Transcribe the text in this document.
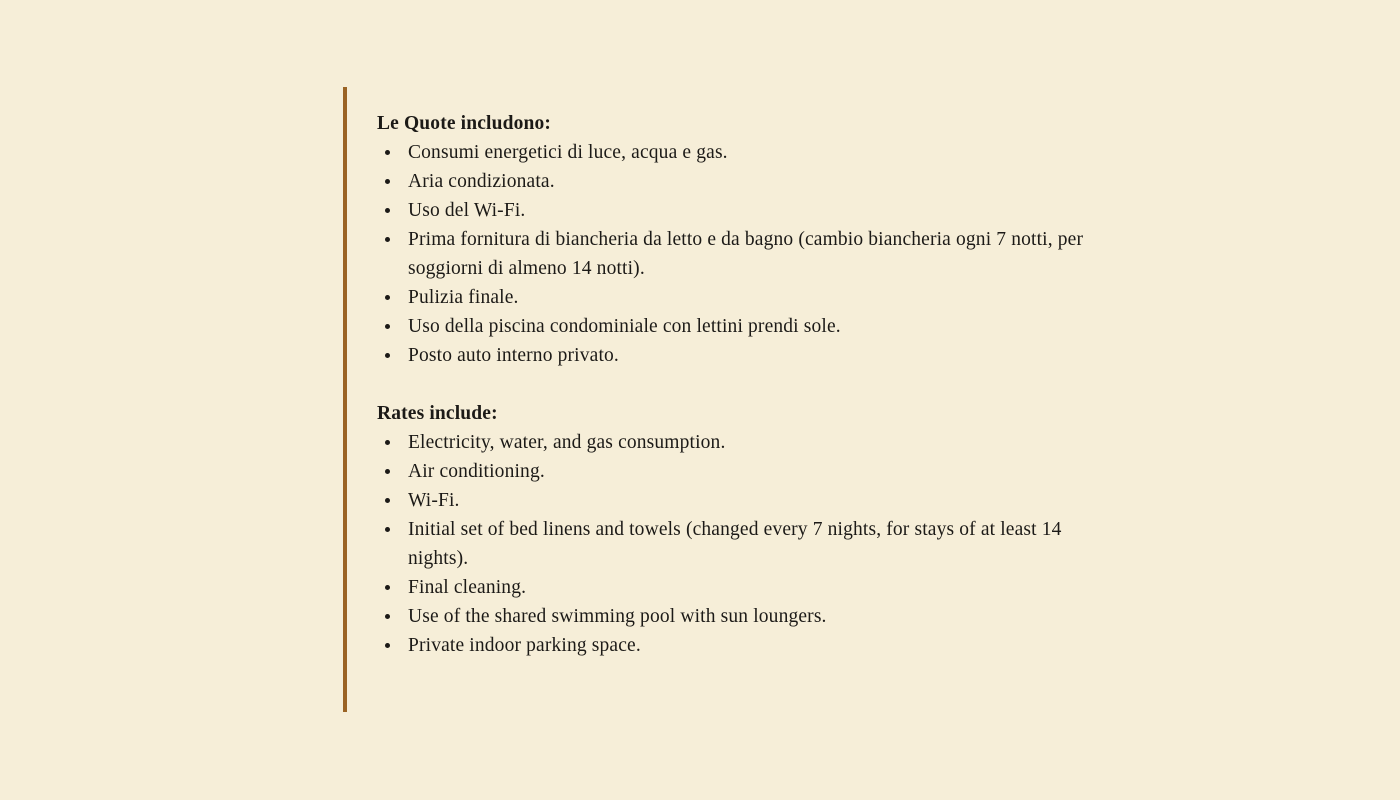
Le Quote includono:

Consumi energetici di luce, acqua e gas.
Aria condizionata.
Uso del Wi-Fi.
Prima fornitura di biancheria da letto e da bagno (cambio biancheria ogni 7 notti, per soggiorni di almeno 14 notti).
Pulizia finale.
Uso della piscina condominiale con lettini prendi sole.
Posto auto interno privato.

Rates include:

Electricity, water, and gas consumption.
Air conditioning.
Wi-Fi.
Initial set of bed linens and towels (changed every 7 nights, for stays of at least 14 nights).
Final cleaning.
Use of the shared swimming pool with sun loungers.
Private indoor parking space.
